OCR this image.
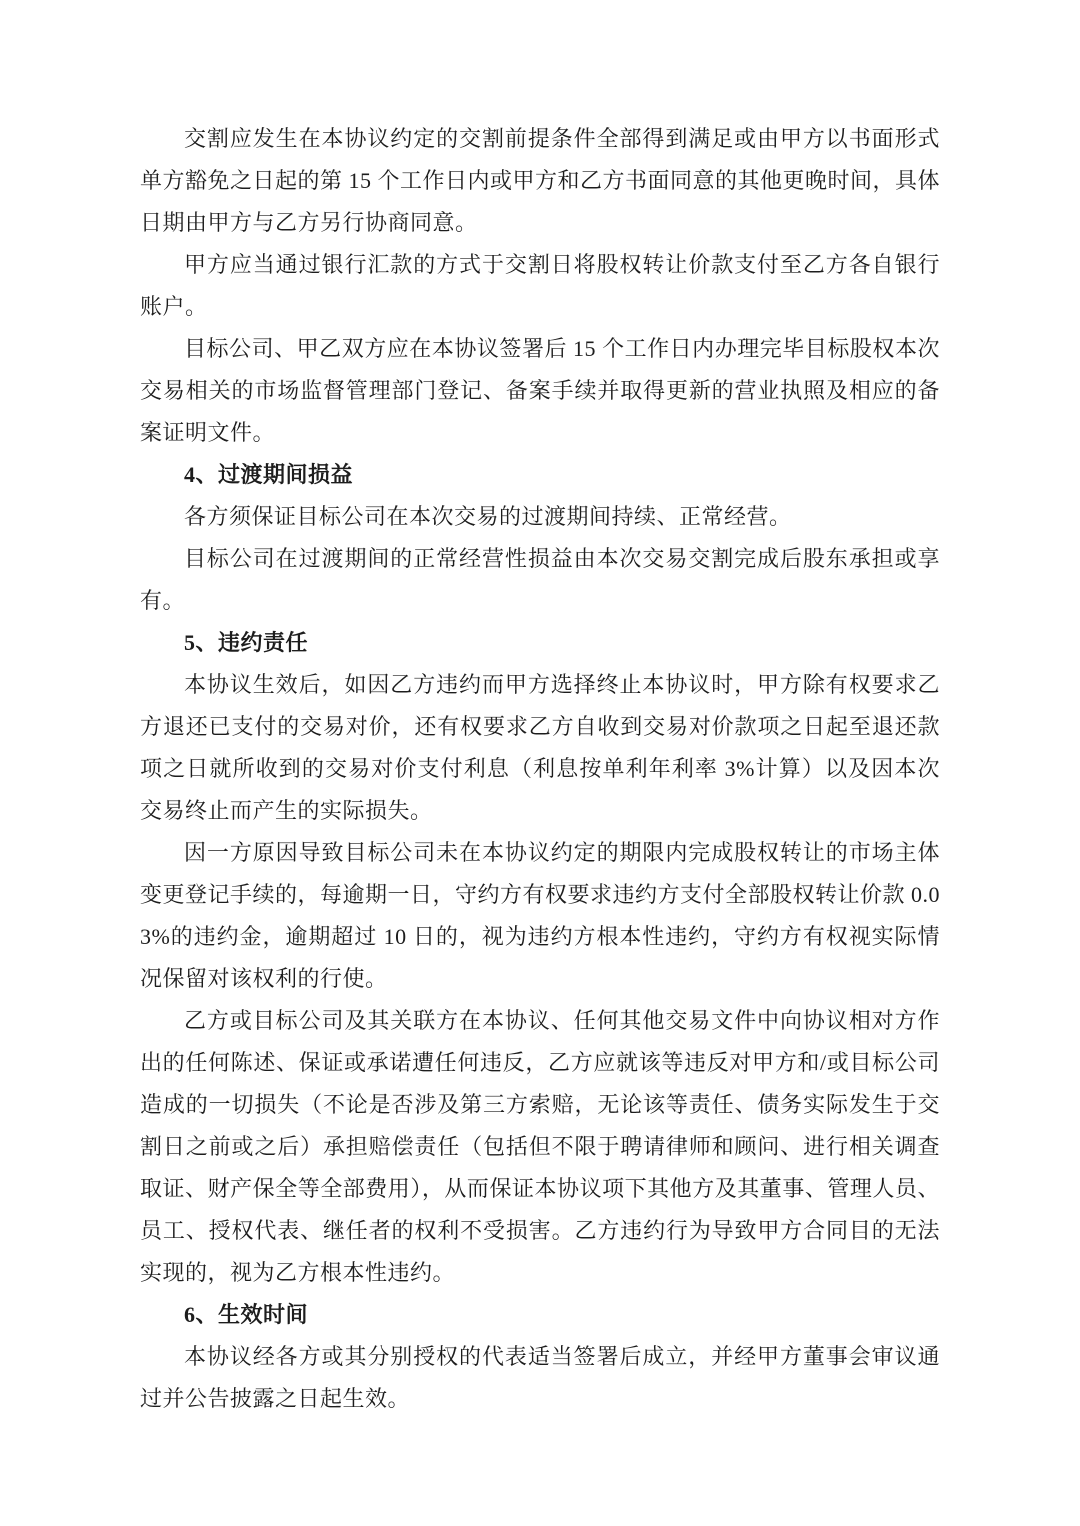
交割应发生在本协议约定的交割前提条件全部得到满足或由甲方以书面形式单方豁免之日起的第 15 个工作日内或甲方和乙方书面同意的其他更晚时间，具体日期由甲方与乙方另行协商同意。

甲方应当通过银行汇款的方式于交割日将股权转让价款支付至乙方各自银行账户。

目标公司、甲乙双方应在本协议签署后 15 个工作日内办理完毕目标股权本次交易相关的市场监督管理部门登记、备案手续并取得更新的营业执照及相应的备案证明文件。

4、过渡期间损益

各方须保证目标公司在本次交易的过渡期间持续、正常经营。

目标公司在过渡期间的正常经营性损益由本次交易交割完成后股东承担或享有。

5、违约责任

本协议生效后，如因乙方违约而甲方选择终止本协议时，甲方除有权要求乙方退还已支付的交易对价，还有权要求乙方自收到交易对价款项之日起至退还款项之日就所收到的交易对价支付利息（利息按单利年利率 3%计算）以及因本次交易终止而产生的实际损失。

因一方原因导致目标公司未在本协议约定的期限内完成股权转让的市场主体变更登记手续的，每逾期一日，守约方有权要求违约方支付全部股权转让价款 0.03%的违约金，逾期超过 10 日的，视为违约方根本性违约，守约方有权视实际情况保留对该权利的行使。

乙方或目标公司及其关联方在本协议、任何其他交易文件中向协议相对方作出的任何陈述、保证或承诺遭任何违反，乙方应就该等违反对甲方和/或目标公司造成的一切损失（不论是否涉及第三方索赔，无论该等责任、债务实际发生于交割日之前或之后）承担赔偿责任（包括但不限于聘请律师和顾问、进行相关调查取证、财产保全等全部费用），从而保证本协议项下其他方及其董事、管理人员、员工、授权代表、继任者的权利不受损害。乙方违约行为导致甲方合同目的无法实现的，视为乙方根本性违约。

6、生效时间

本协议经各方或其分别授权的代表适当签署后成立，并经甲方董事会审议通过并公告披露之日起生效。
